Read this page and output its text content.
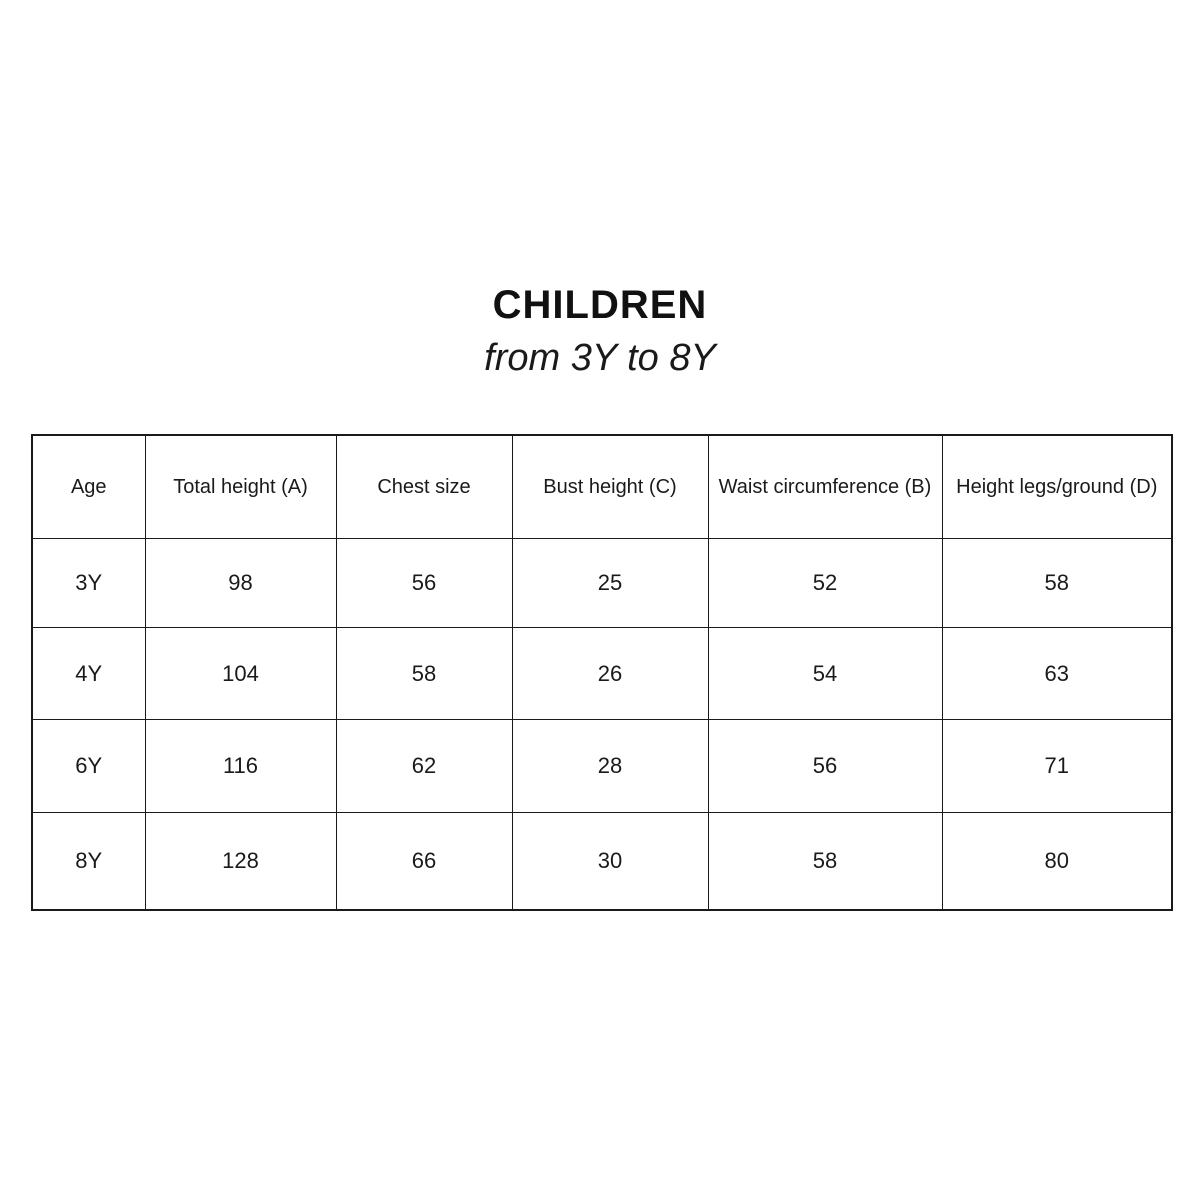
CHILDREN
from 3Y to 8Y
Age	Total height (A)	Chest size	Bust height (C)	Waist circumference (B)	Height legs/ground (D)
3Y	98	56	25	52	58
4Y	104	58	26	54	63
6Y	116	62	28	56	71
8Y	128	66	30	58	80
